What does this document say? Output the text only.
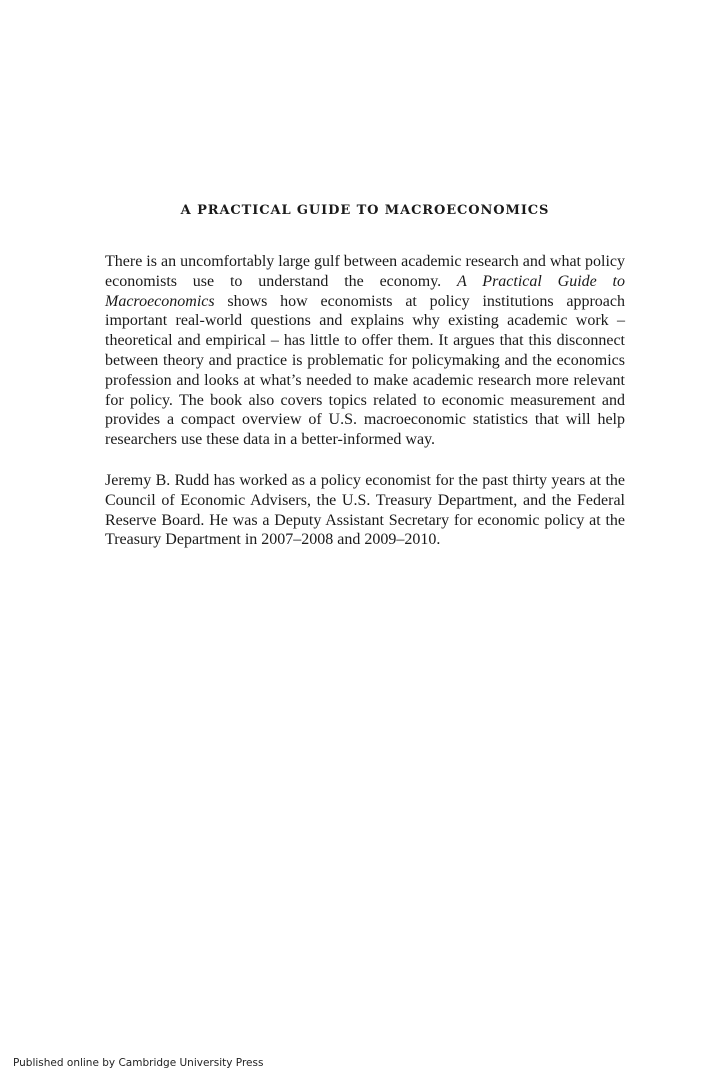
A PRACTICAL GUIDE TO MACROECONOMICS

There is an uncomfortably large gulf between academic research and what policy economists use to understand the economy. A Practical Guide to Macroeconomics shows how economists at policy institutions approach important real-world questions and explains why existing academic work – theoretical and empirical – has little to offer them. It argues that this disconnect between theory and practice is problematic for policymaking and the economics profession and looks at what’s needed to make academic research more relevant for policy. The book also covers topics related to economic measurement and provides a compact overview of U.S. macroeconomic statistics that will help researchers use these data in a better-informed way.

Jeremy B. Rudd has worked as a policy economist for the past thirty years at the Council of Economic Advisers, the U.S. Treasury Department, and the Federal Reserve Board. He was a Deputy Assistant Secretary for economic policy at the Treasury Department in 2007–2008 and 2009–2010.

Published online by Cambridge University Press
